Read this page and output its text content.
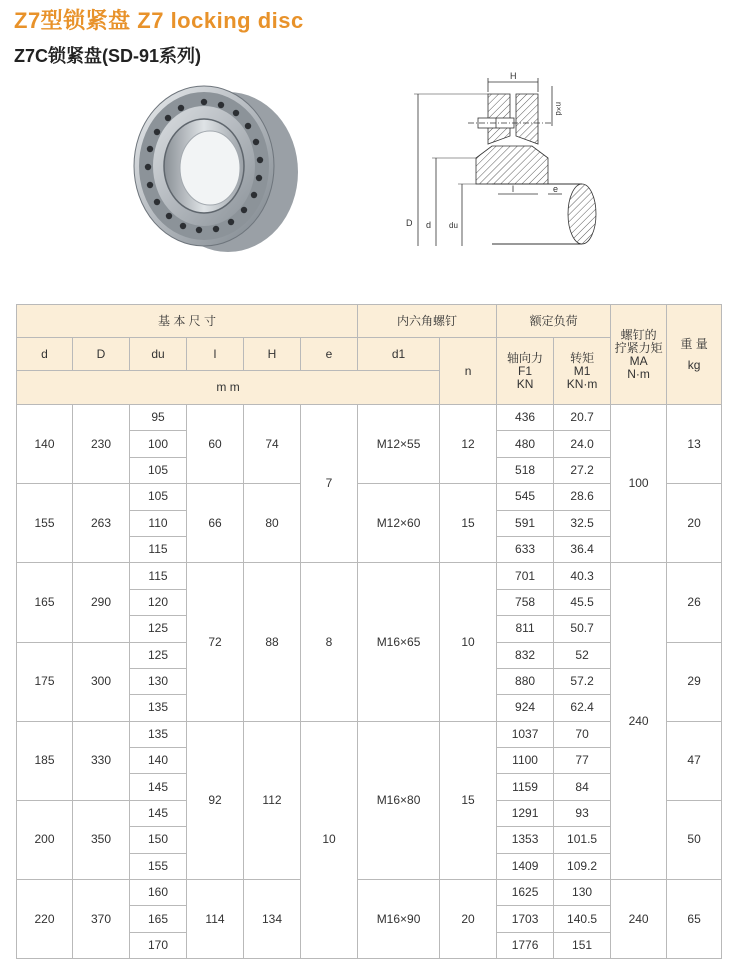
Z7型锁紧盘 Z7 locking disc
Z7C锁紧盘(SD-91系列)
H
D d du
l	e
n×d
基 本 尺 寸						内六角螺钉		额定负荷		螺钉的
拧紧力矩
MA
N·m	重 量
kg

d	D	du	l	H	e	d1	n	轴向力
F1
KN	转矩
M1
KN·m		

m m											
140	230	95	60	74	7	M12×55	12	436	20.7	100	13
		100						480	24.0		
		105						518	27.2		
155	263	105	66	80		M12×60	15	545	28.6		20
		110						591	32.5		
		115						633	36.4		
165	290	115	72	88	8	M16×65	10	701	40.3	240	26
		120						758	45.5		
		125						811	50.7		
175	300	125						832	52		29
		130						880	57.2		
		135						924	62.4		
185	330	135	92	112	10	M16×80	15	1037	70		47
		140						1100	77		
		145						1159	84		
200	350	145						1291	93		50
		150						1353	101.5		
		155						1409	109.2		
220	370	160	114	134		M16×90	20	1625	130	240	65
		165						1703	140.5		
		170						1776	151		
